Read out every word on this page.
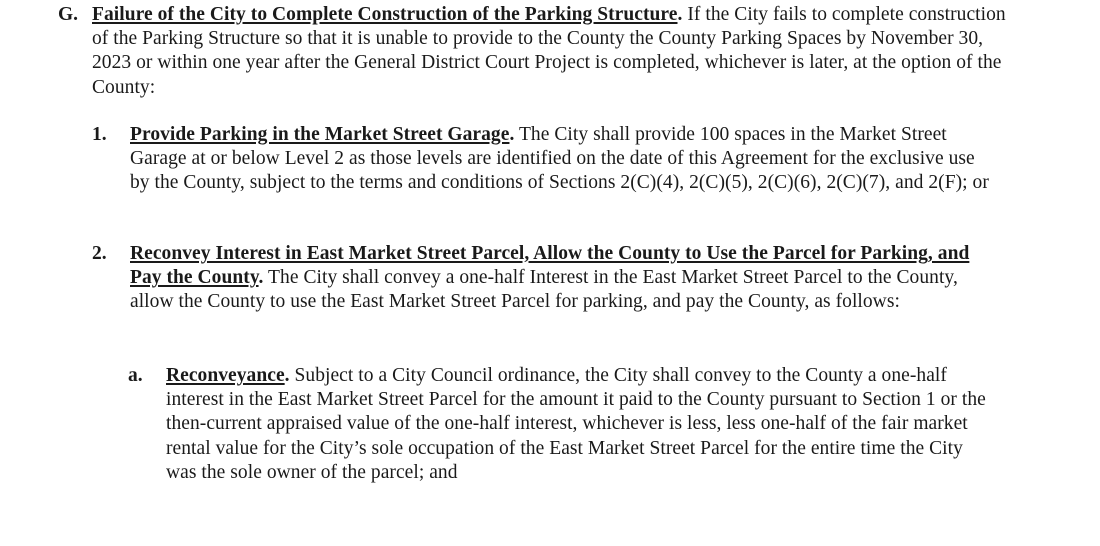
G. Failure of the City to Complete Construction of the Parking Structure. If the City fails to complete construction of the Parking Structure so that it is unable to provide to the County the County Parking Spaces by November 30, 2023 or within one year after the General District Court Project is completed, whichever is later, at the option of the County:
1.	Provide Parking in the Market Street Garage. The City shall provide 100 spaces in the Market Street Garage at or below Level 2 as those levels are identified on the date of this Agreement for the exclusive use by the County, subject to the terms and conditions of Sections 2(C)(4), 2(C)(5), 2(C)(6), 2(C)(7), and 2(F); or
2.	Reconvey Interest in East Market Street Parcel, Allow the County to Use the Parcel for Parking, and Pay the County. The City shall convey a one-half Interest in the East Market Street Parcel to the County, allow the County to use the East Market Street Parcel for parking, and pay the County, as follows:
a.	Reconveyance. Subject to a City Council ordinance, the City shall convey to the County a one-half interest in the East Market Street Parcel for the amount it paid to the County pursuant to Section 1 or the then-current appraised value of the one-half interest, whichever is less, less one-half of the fair market rental value for the City’s sole occupation of the East Market Street Parcel for the entire time the City was the sole owner of the parcel; and
